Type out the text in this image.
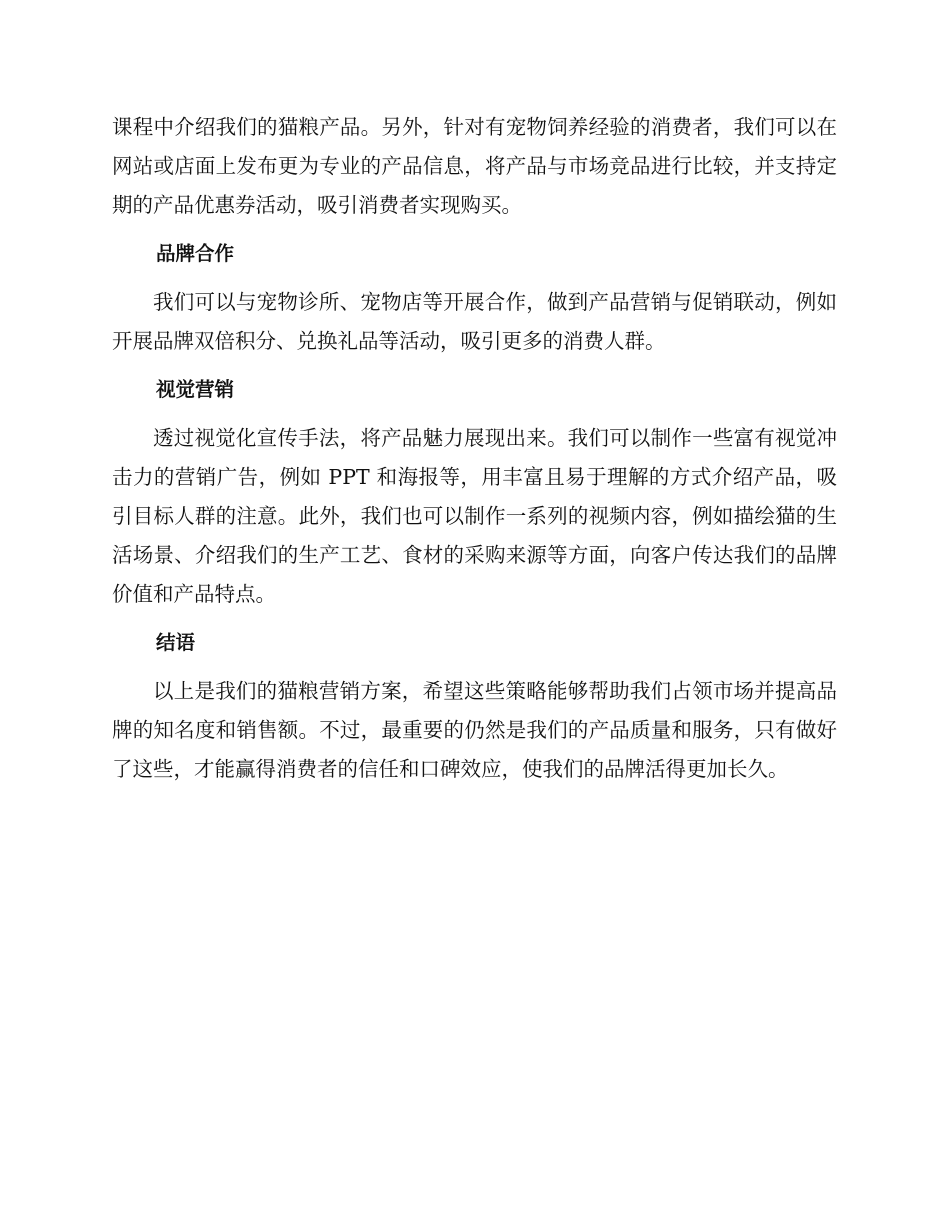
课程中介绍我们的猫粮产品。另外，针对有宠物饲养经验的消费者，我们可以在网站或店面上发布更为专业的产品信息，将产品与市场竞品进行比较，并支持定期的产品优惠券活动，吸引消费者实现购买。

品牌合作

我们可以与宠物诊所、宠物店等开展合作，做到产品营销与促销联动，例如开展品牌双倍积分、兑换礼品等活动，吸引更多的消费人群。

视觉营销

透过视觉化宣传手法，将产品魅力展现出来。我们可以制作一些富有视觉冲击力的营销广告，例如 PPT 和海报等，用丰富且易于理解的方式介绍产品，吸引目标人群的注意。此外，我们也可以制作一系列的视频内容，例如描绘猫的生活场景、介绍我们的生产工艺、食材的采购来源等方面，向客户传达我们的品牌价值和产品特点。

结语

以上是我们的猫粮营销方案，希望这些策略能够帮助我们占领市场并提高品牌的知名度和销售额。不过，最重要的仍然是我们的产品质量和服务，只有做好了这些，才能赢得消费者的信任和口碑效应，使我们的品牌活得更加长久。
